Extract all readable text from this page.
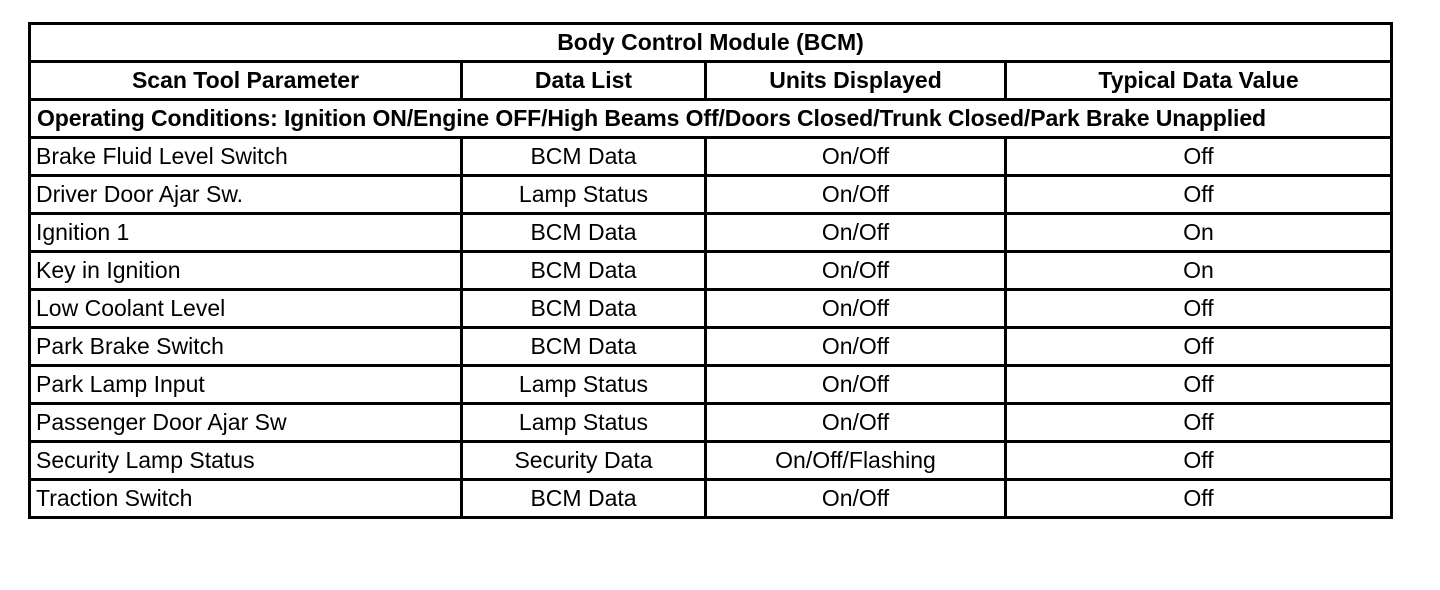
Body Control Module (BCM)			
Scan Tool Parameter	Data List	Units Displayed	Typical Data Value
Operating Conditions: Ignition ON/Engine OFF/High Beams Off/Doors Closed/Trunk Closed/Park Brake Unapplied			
Brake Fluid Level Switch	BCM Data	On/Off	Off
Driver Door Ajar Sw.	Lamp Status	On/Off	Off
Ignition 1	BCM Data	On/Off	On
Key in Ignition	BCM Data	On/Off	On
Low Coolant Level	BCM Data	On/Off	Off
Park Brake Switch	BCM Data	On/Off	Off
Park Lamp Input	Lamp Status	On/Off	Off
Passenger Door Ajar Sw	Lamp Status	On/Off	Off
Security Lamp Status	Security Data	On/Off/Flashing	Off
Traction Switch	BCM Data	On/Off	Off
